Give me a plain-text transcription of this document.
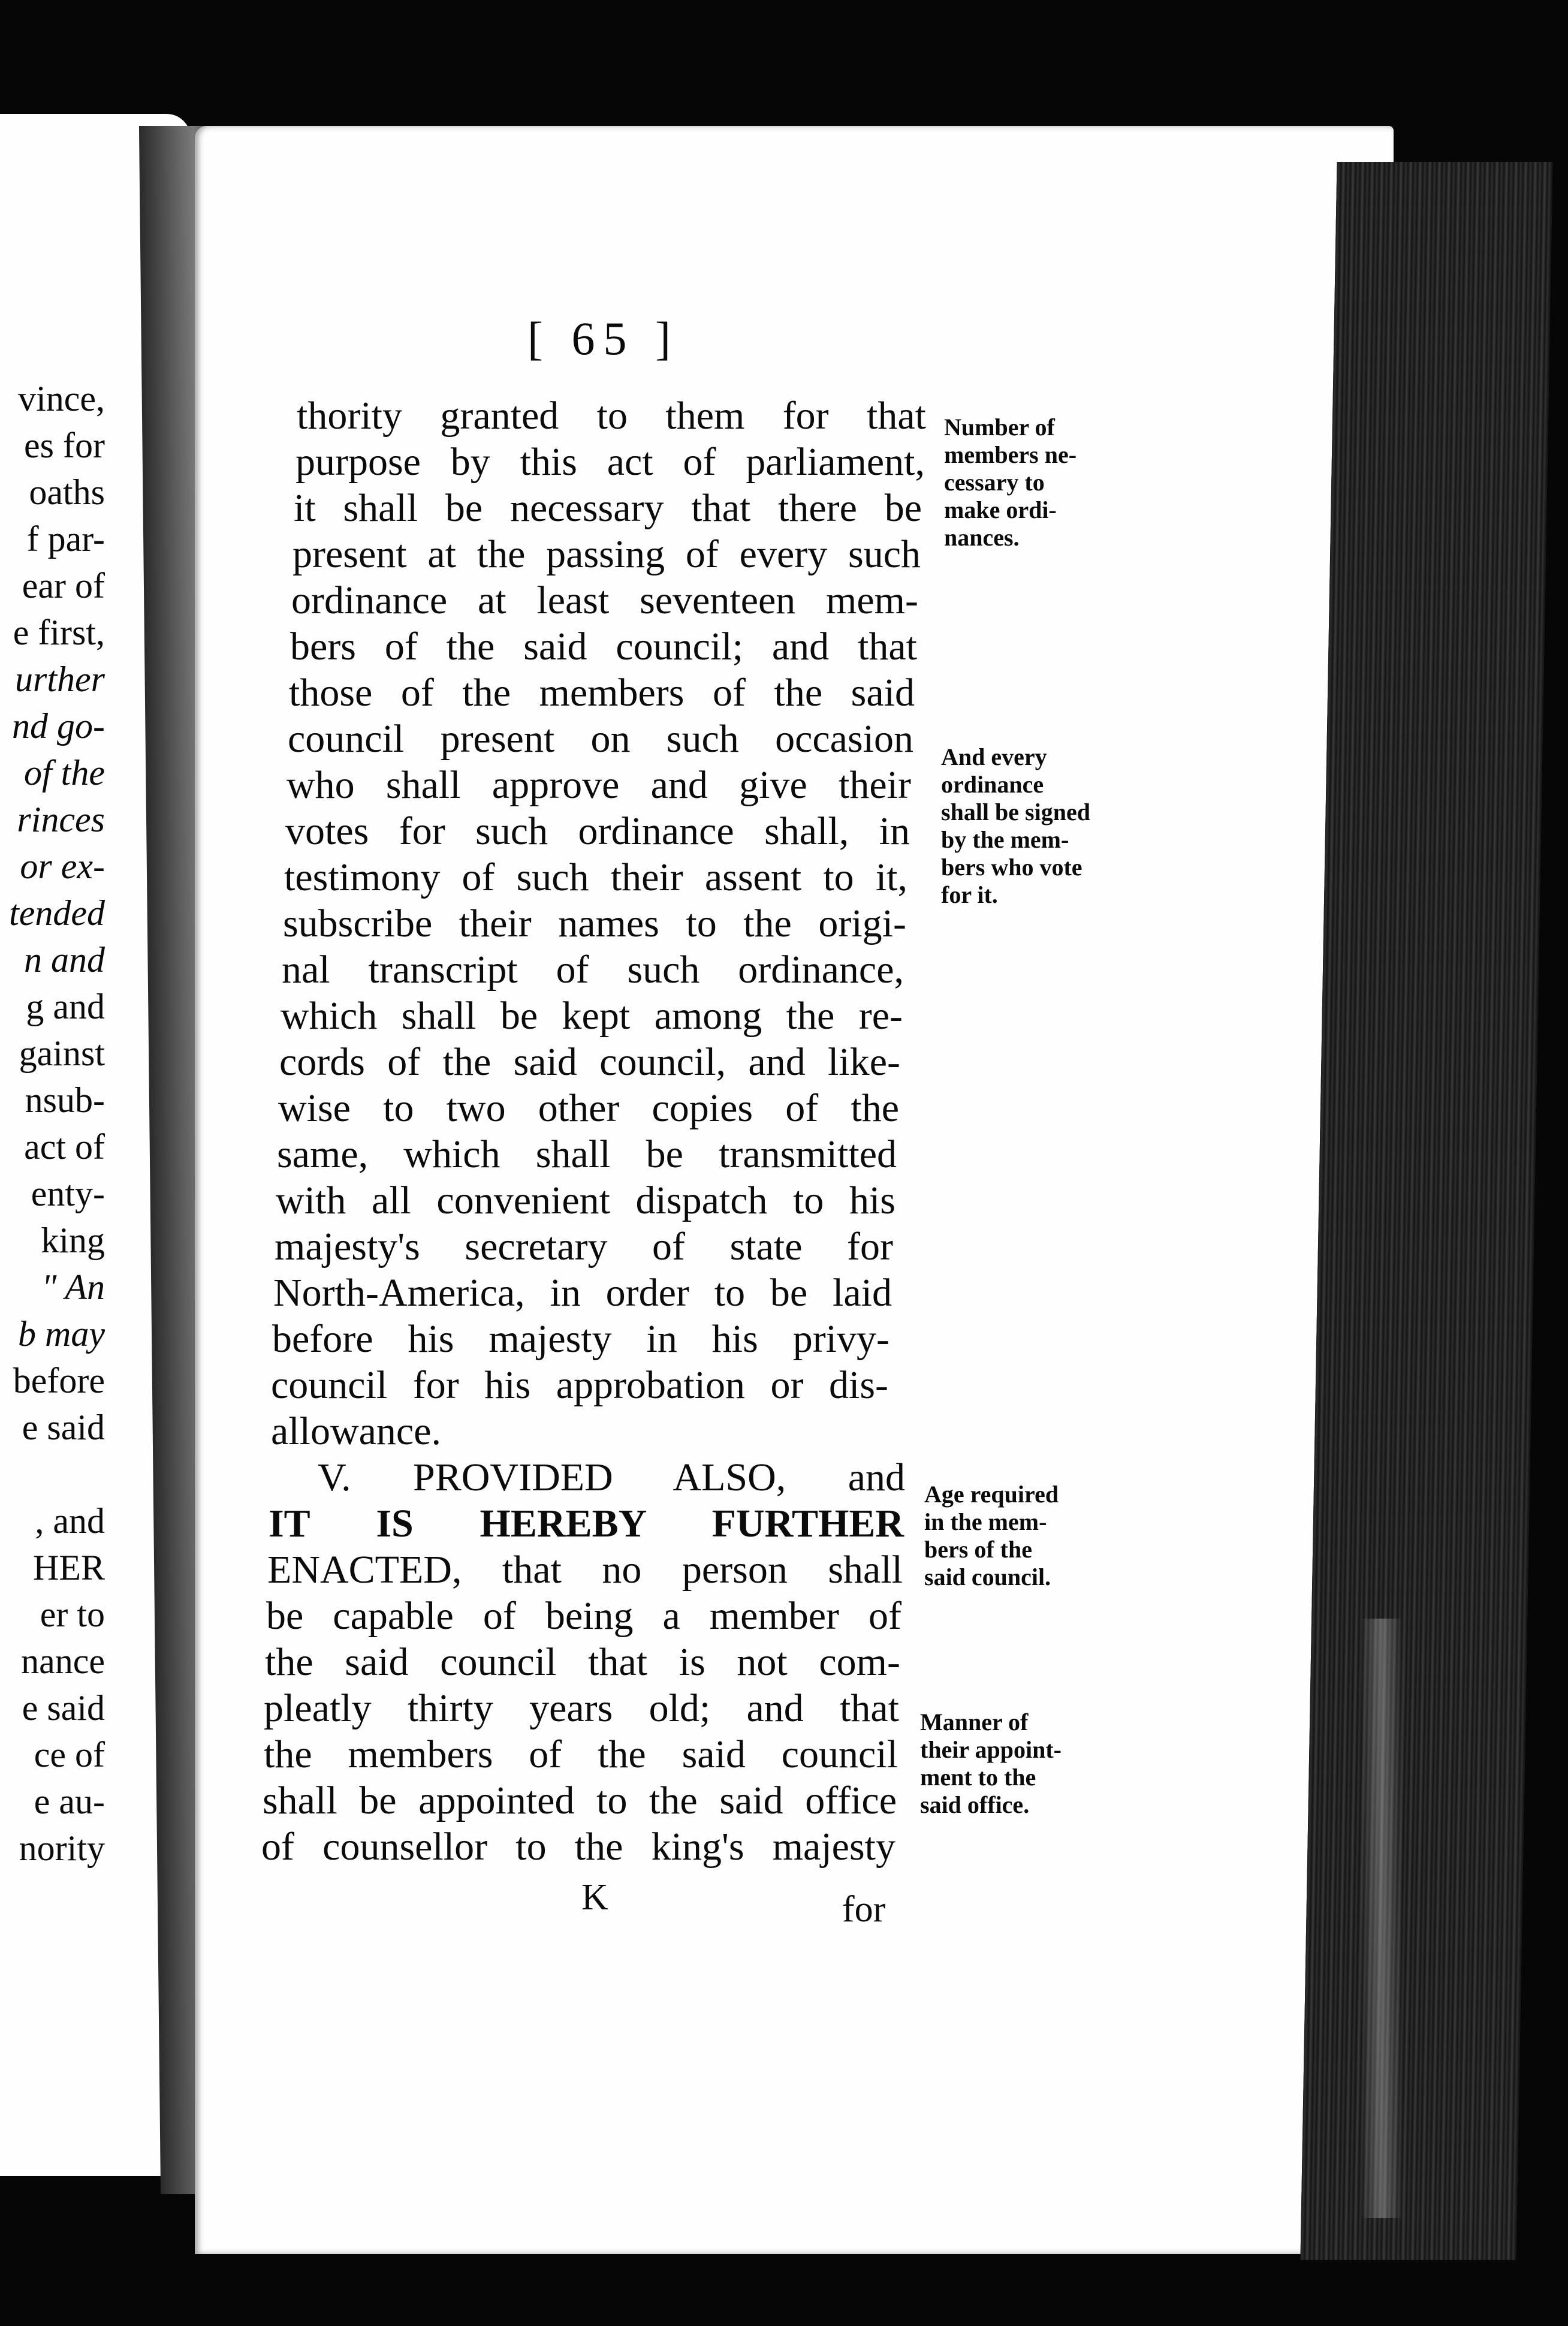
vince,

es for

oaths

f par-

ear of

e first,

urther

nd go-

of the

rinces

or ex-

tended

n and

g and

gainst

nsub-

act of

enty-

king

" An

b may

before

e said

, and

HER

er to

nance

e said

ce of

e au-

nority

[ 65 ]

thority granted to them for that

purpose by this act of parliament,

it shall be necessary that there be

present at the passing of every such

ordinance at least seventeen mem-

bers of the said council; and that

those of the members of the said

council present on such occasion

who shall approve and give their

votes for such ordinance shall, in

testimony of such their assent to it,

subscribe their names to the origi-

nal transcript of such ordinance,

which shall be kept among the re-

cords of the said council, and like-

wise to two other copies of the

same, which shall be transmitted

with all convenient dispatch to his

majesty's secretary of state for

North-America, in order to be laid

before his majesty in his privy-

council for his approbation or dis-

allowance.

V. PROVIDED ALSO, and

IT IS HEREBY FURTHER

ENACTED, that no person shall

be capable of being a member of

the said council that is not com-

pleatly thirty years old; and that

the members of the said council

shall be appointed to the said office

of counsellor to the king's majesty

K	for

Number of
members ne-
cessary to
make ordi-
nances.
And every
ordinance
shall be signed
by the mem-
bers who vote
for it.
Age required
in the mem-
bers of the
said council.
Manner of
their appoint-
ment to the
said office.
